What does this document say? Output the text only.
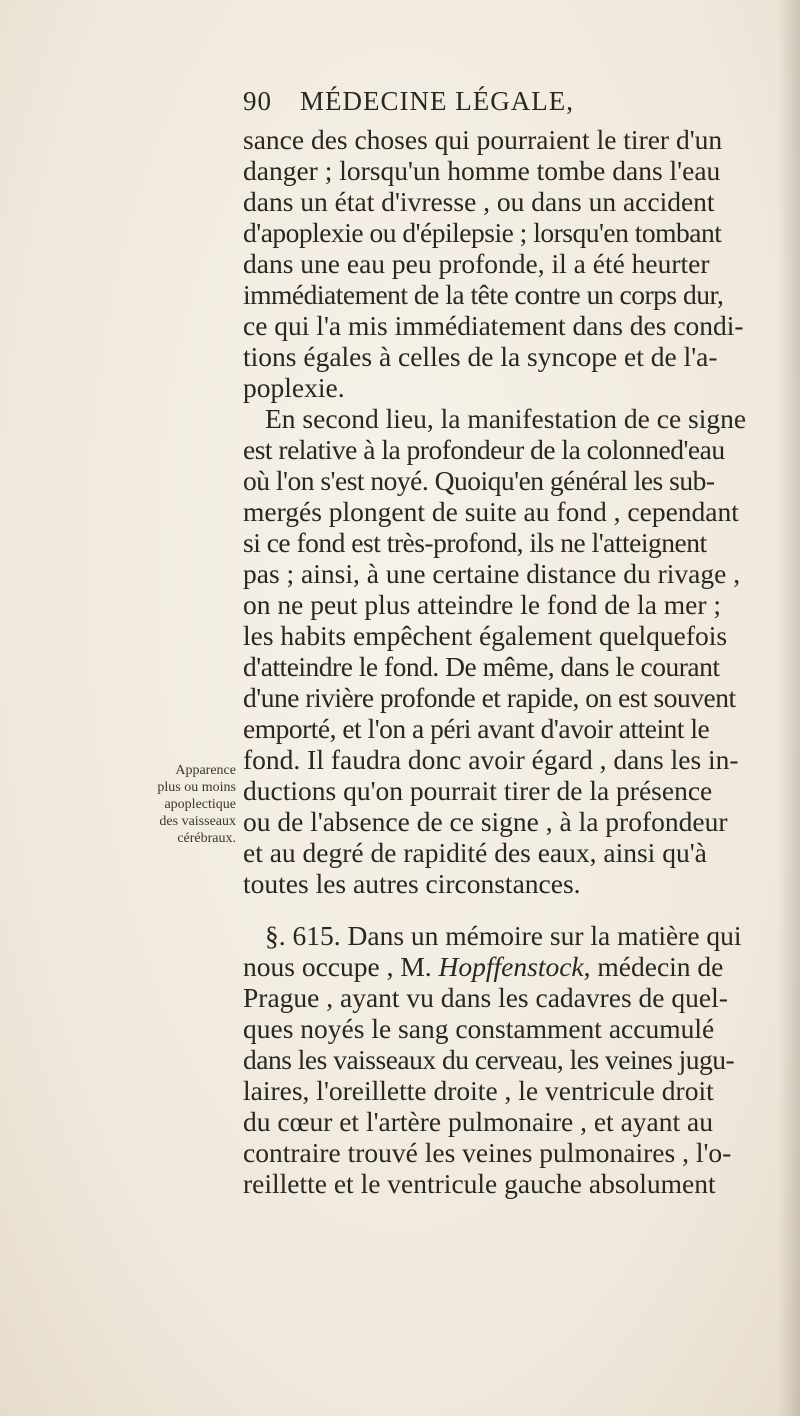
90 MÉDECINE LÉGALE,
Apparence
plus ou moins
apoplectique
des vaisseaux
cérébraux.
sance des choses qui pourraient le tirer d'un
danger ; lorsqu'un homme tombe dans l'eau
dans un état d'ivresse , ou dans un accident
d'apoplexie ou d'épilepsie ; lorsqu'en tombant
dans une eau peu profonde, il a été heurter
immédiatement de la tête contre un corps dur,
ce qui l'a mis immédiatement dans des condi-
tions égales à celles de la syncope et de l'a-
poplexie.
En second lieu, la manifestation de ce signe
est relative à la profondeur de la colonned'eau
où l'on s'est noyé. Quoiqu'en général les sub-
mergés plongent de suite au fond , cependant
si ce fond est très-profond, ils ne l'atteignent
pas ; ainsi, à une certaine distance du rivage ,
on ne peut plus atteindre le fond de la mer ;
les habits empêchent également quelquefois
d'atteindre le fond. De même, dans le courant
d'une rivière profonde et rapide, on est souvent
emporté, et l'on a péri avant d'avoir atteint le
fond. Il faudra donc avoir égard , dans les in-
ductions qu'on pourrait tirer de la présence
ou de l'absence de ce signe , à la profondeur
et au degré de rapidité des eaux, ainsi qu'à
toutes les autres circonstances.
§. 615. Dans un mémoire sur la matière qui
nous occupe , M. Hopffenstock, médecin de
Prague , ayant vu dans les cadavres de quel-
ques noyés le sang constamment accumulé
dans les vaisseaux du cerveau, les veines jugu-
laires, l'oreillette droite , le ventricule droit
du cœur et l'artère pulmonaire , et ayant au
contraire trouvé les veines pulmonaires , l'o-
reillette et le ventricule gauche absolument
